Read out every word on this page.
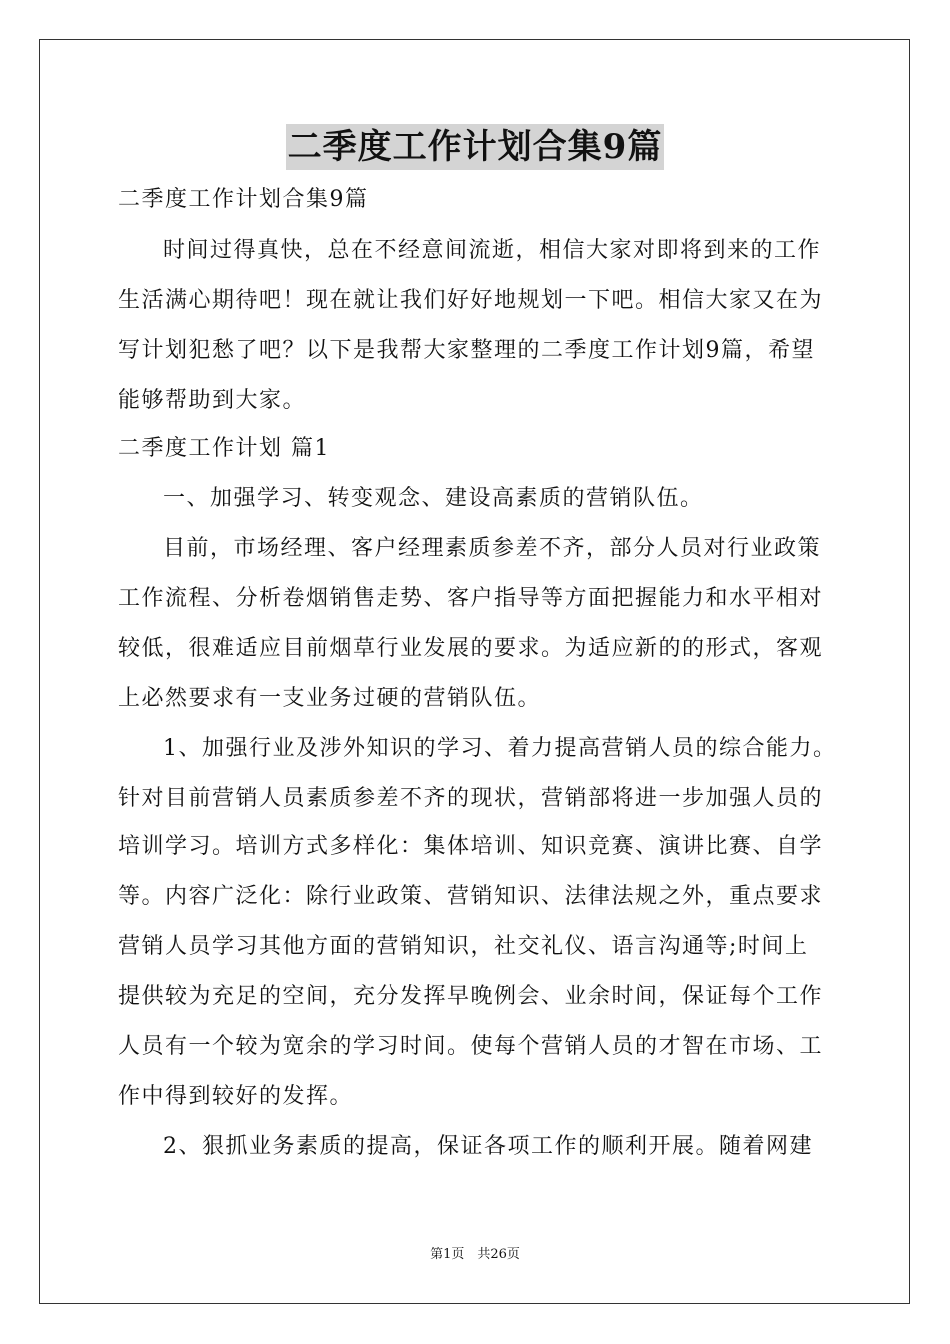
二季度工作计划合集9篇
二季度工作计划合集9篇
时间过得真快，总在不经意间流逝，相信大家对即将到来的工作
生活满心期待吧！现在就让我们好好地规划一下吧。相信大家又在为
写计划犯愁了吧？以下是我帮大家整理的二季度工作计划9篇，希望
能够帮助到大家。
二季度工作计划 篇1
一、加强学习、转变观念、建设高素质的营销队伍。
目前，市场经理、客户经理素质参差不齐，部分人员对行业政策
工作流程、分析卷烟销售走势、客户指导等方面把握能力和水平相对
较低，很难适应目前烟草行业发展的要求。为适应新的的形式，客观
上必然要求有一支业务过硬的营销队伍。
1、加强行业及涉外知识的学习、着力提高营销人员的综合能力。
针对目前营销人员素质参差不齐的现状，营销部将进一步加强人员的
培训学习。培训方式多样化：集体培训、知识竞赛、演讲比赛、自学
等。内容广泛化：除行业政策、营销知识、法律法规之外，重点要求
营销人员学习其他方面的营销知识，社交礼仪、语言沟通等;时间上
提供较为充足的空间，充分发挥早晚例会、业余时间，保证每个工作
人员有一个较为宽余的学习时间。使每个营销人员的才智在市场、工
作中得到较好的发挥。
2、狠抓业务素质的提高，保证各项工作的顺利开展。随着网建
第1页　共26页
